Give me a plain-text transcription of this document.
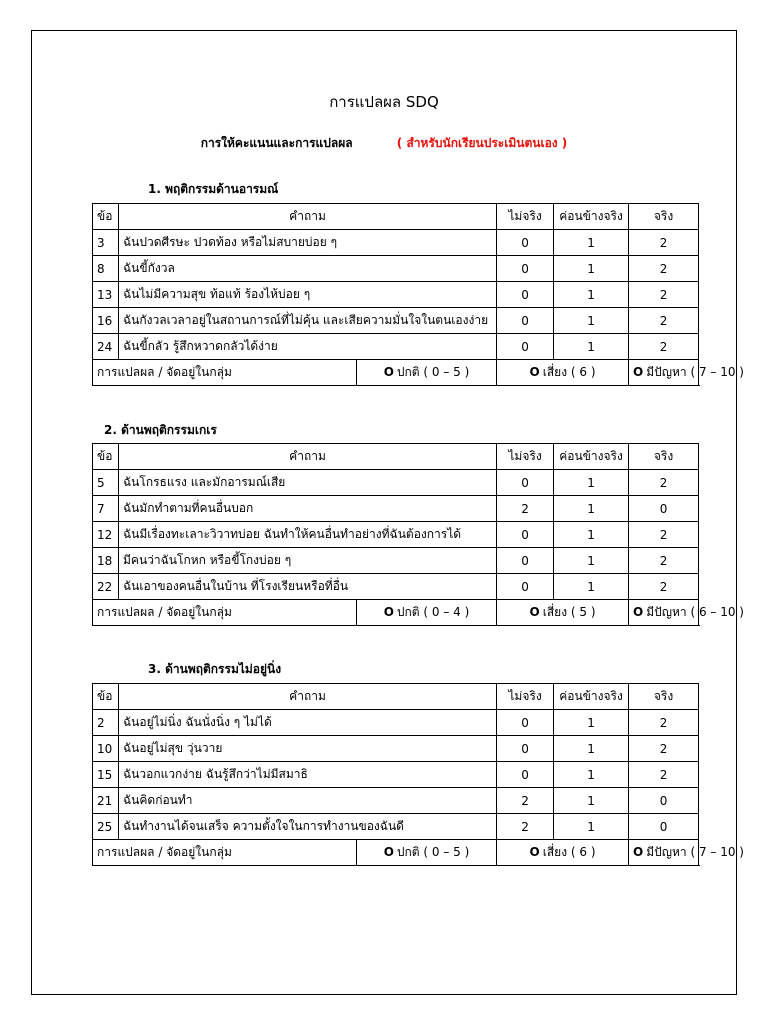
การแปลผล SDQ
การให้คะแนนและการแปลผล	( สำหรับนักเรียนประเมินตนเอง )
1. พฤติกรรมด้านอารมณ์
ข้อ	คำถาม		ไม่จริง	ค่อนข้างจริง	จริง
3	ฉันปวดศีรษะ ปวดท้อง หรือไม่สบายบ่อย ๆ		0	1	2
8	ฉันขี้กังวล		0	1	2
13	ฉันไม่มีความสุข ท้อแท้ ร้องไห้บ่อย ๆ		0	1	2
16	ฉันกังวลเวลาอยู่ในสถานการณ์ที่ไม่คุ้น และเสียความมั่นใจในตนเองง่าย		0	1	2
24	ฉันขี้กลัว รู้สึกหวาดกลัวได้ง่าย		0	1	2
การแปลผล / จัดอยู่ในกลุ่ม		O ปกติ ( 0 – 5 )	O เสี่ยง ( 6 )		O มีปัญหา ( 7 – 10 )
2. ด้านพฤติกรรมเกเร
ข้อ	คำถาม		ไม่จริง	ค่อนข้างจริง	จริง
5	ฉันโกรธแรง และมักอารมณ์เสีย		0	1	2
7	ฉันมักทำตามที่คนอื่นบอก		2	1	0
12	ฉันมีเรื่องทะเลาะวิวาทบ่อย ฉันทำให้คนอื่นทำอย่างที่ฉันต้องการได้		0	1	2
18	มีคนว่าฉันโกหก หรือขี้โกงบ่อย ๆ		0	1	2
22	ฉันเอาของคนอื่นในบ้าน ที่โรงเรียนหรือที่อื่น		0	1	2
การแปลผล / จัดอยู่ในกลุ่ม		O ปกติ ( 0 – 4 )	O เสี่ยง ( 5 )		O มีปัญหา ( 6 – 10 )
3. ด้านพฤติกรรมไม่อยู่นิ่ง
ข้อ	คำถาม		ไม่จริง	ค่อนข้างจริง	จริง
2	ฉันอยู่ไม่นิ่ง ฉันนั่งนิ่ง ๆ ไม่ได้		0	1	2
10	ฉันอยู่ไม่สุข วุ่นวาย		0	1	2
15	ฉันวอกแวกง่าย ฉันรู้สึกว่าไม่มีสมาธิ		0	1	2
21	ฉันคิดก่อนทำ		2	1	0
25	ฉันทำงานได้จนเสร็จ ความตั้งใจในการทำงานของฉันดี		2	1	0
การแปลผล / จัดอยู่ในกลุ่ม		O ปกติ ( 0 – 5 )	O เสี่ยง ( 6 )		O มีปัญหา ( 7 – 10 )
